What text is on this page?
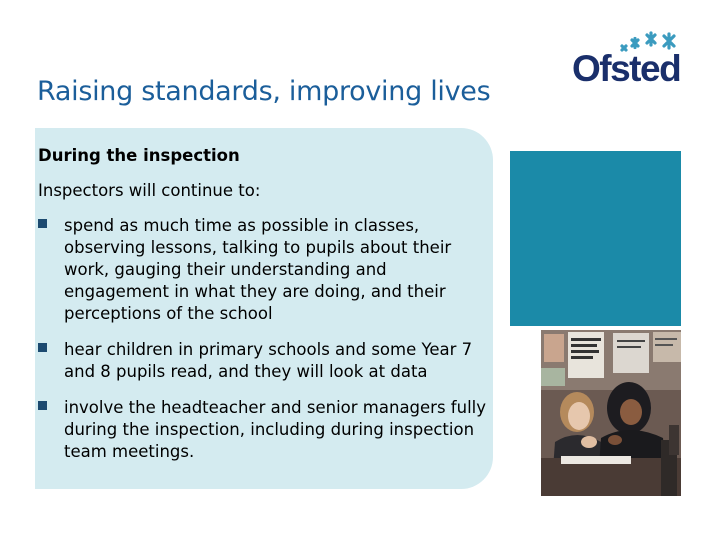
Raising standards, improving lives
Ofsted
During the inspection
Inspectors will continue to:
spend as much time as possible in classes, observing lessons, talking to pupils about their work, gauging their understanding and engagement in what they are doing, and their perceptions of the school
hear children in primary schools and some Year 7 and 8 pupils read, and they will look at data
involve the headteacher and senior managers fully during the inspection, including during inspection team meetings.
